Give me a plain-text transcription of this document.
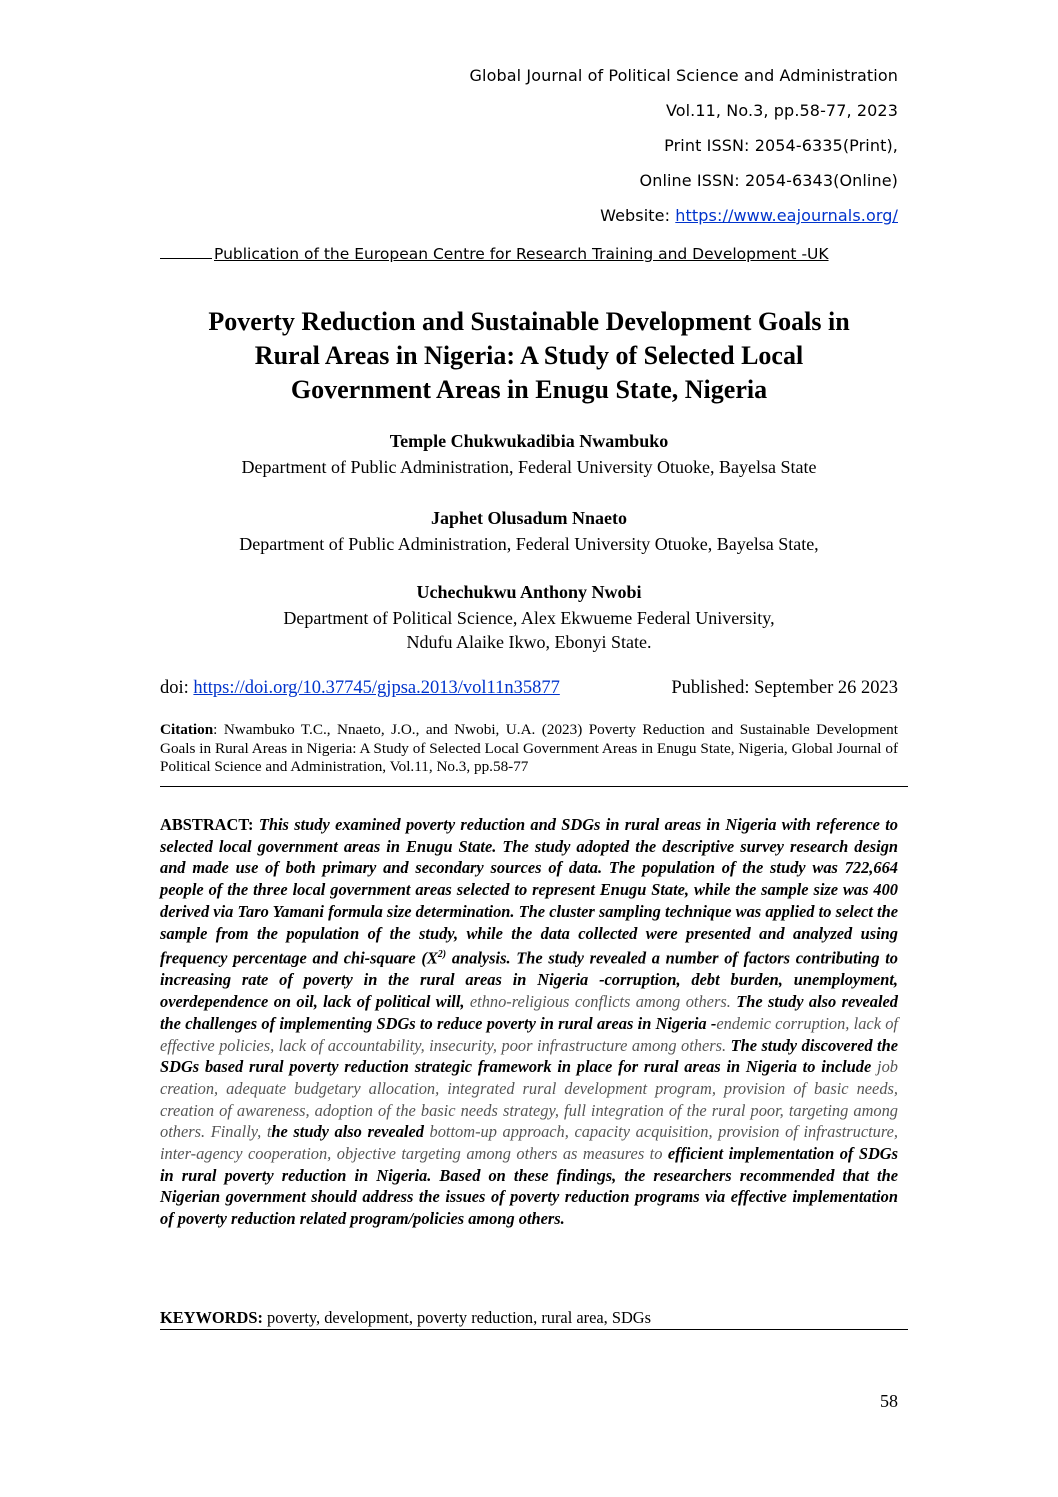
Global Journal of Political Science and Administration
Vol.11, No.3, pp.58-77, 2023
Print ISSN: 2054-6335(Print),
Online ISSN: 2054-6343(Online)
Website: https://www.eajournals.org/
Publication of the European Centre for Research Training and Development -UK
Poverty Reduction and Sustainable Development Goals in
Rural Areas in Nigeria: A Study of Selected Local
Government Areas in Enugu State, Nigeria
Temple Chukwukadibia Nwambuko
Department of Public Administration, Federal University Otuoke, Bayelsa State
Japhet Olusadum Nnaeto
Department of Public Administration, Federal University Otuoke, Bayelsa State,
Uchechukwu Anthony Nwobi
Department of Political Science, Alex Ekwueme Federal University,
Ndufu Alaike Ikwo, Ebonyi State.
doi: https://doi.org/10.37745/gjpsa.2013/vol11n35877	Published: September 26 2023
Citation: Nwambuko T.C., Nnaeto, J.O., and Nwobi, U.A. (2023) Poverty Reduction and Sustainable Development Goals in Rural Areas in Nigeria: A Study of Selected Local Government Areas in Enugu State, Nigeria, Global Journal of Political Science and Administration, Vol.11, No.3, pp.58-77
ABSTRACT: This study examined poverty reduction and SDGs in rural areas in Nigeria with reference to selected local government areas in Enugu State. The study adopted the descriptive survey research design and made use of both primary and secondary sources of data. The population of the study was 722,664 people of the three local government areas selected to represent Enugu State, while the sample size was 400 derived via Taro Yamani formula size determination. The cluster sampling technique was applied to select the sample from the population of the study, while the data collected were presented and analyzed using frequency percentage and chi-square ($X^{2)}$ analysis. The study revealed a number of factors contributing to increasing rate of poverty in the rural areas in Nigeria -corruption, debt burden, unemployment, overdependence on oil, lack of political will, ethno-religious conflicts among others. The study also revealed the challenges of implementing SDGs to reduce poverty in rural areas in Nigeria -endemic corruption, lack of effective policies, lack of accountability, insecurity, poor infrastructure among others. The study discovered the SDGs based rural poverty reduction strategic framework in place for rural areas in Nigeria to include job creation, adequate budgetary allocation, integrated rural development program, provision of basic needs, creation of awareness, adoption of the basic needs strategy, full integration of the rural poor, targeting among others. Finally, the study also revealed bottom-up approach, capacity acquisition, provision of infrastructure, inter-agency cooperation, objective targeting among others as measures to efficient implementation of SDGs in rural poverty reduction in Nigeria. Based on these findings, the researchers recommended that the Nigerian government should address the issues of poverty reduction programs via effective implementation of poverty reduction related program/policies among others.
KEYWORDS: poverty, development, poverty reduction, rural area, SDGs
58
